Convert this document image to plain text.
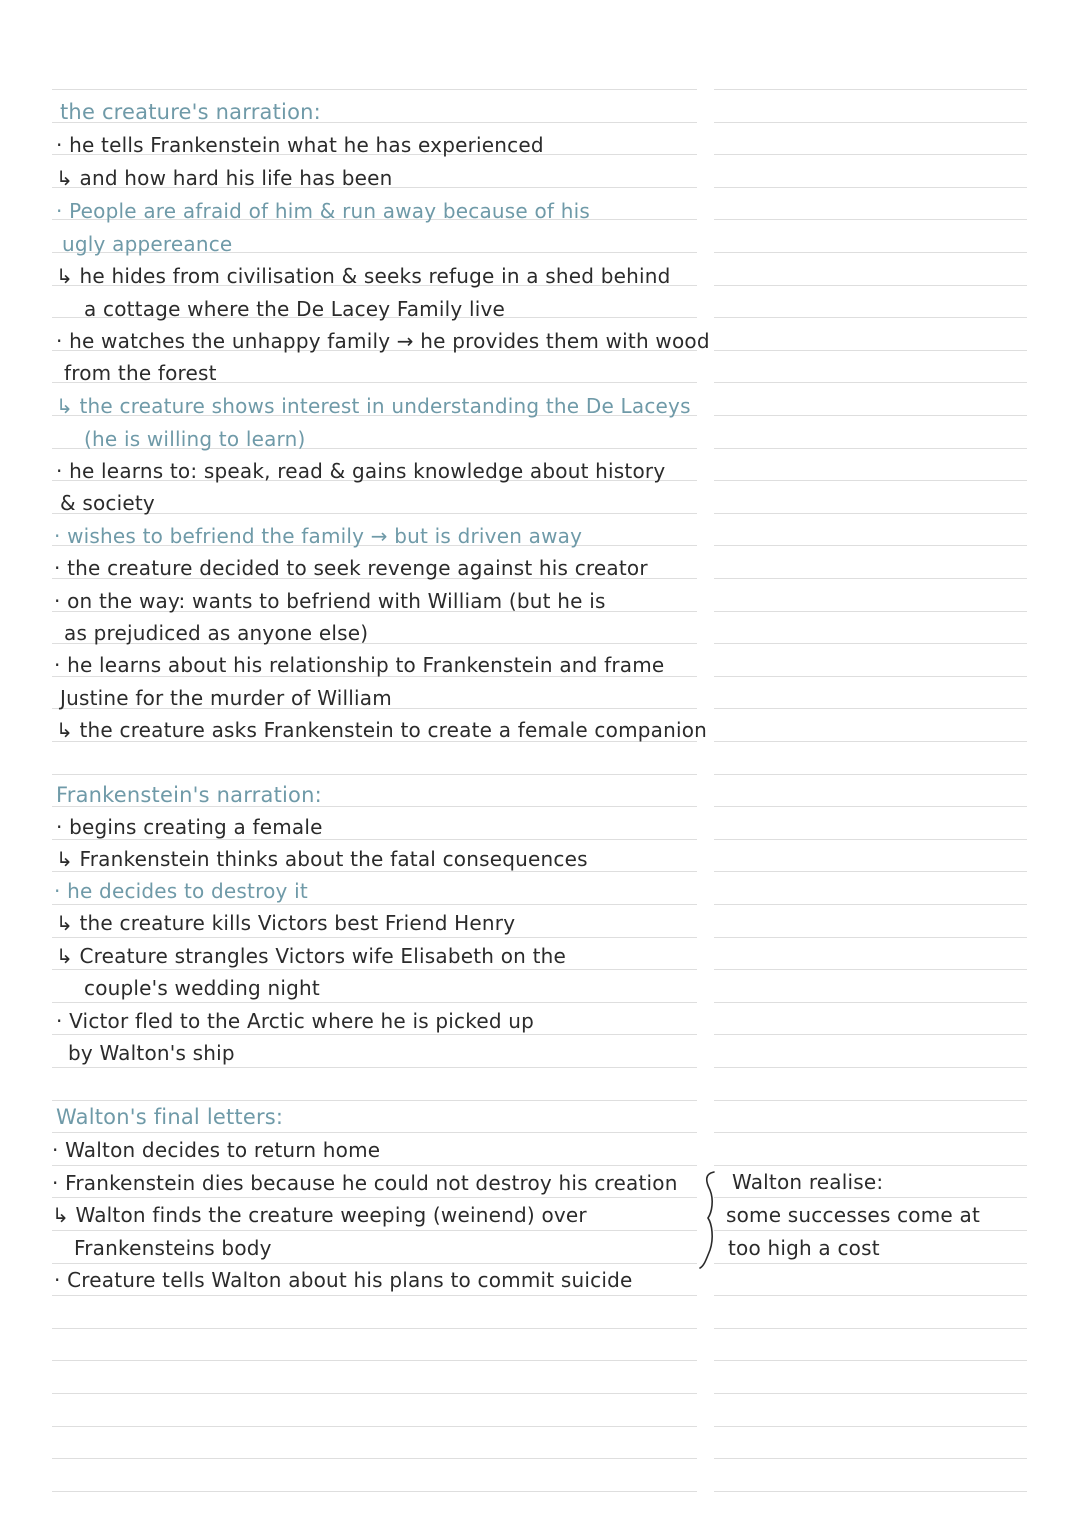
the creature's narration:
· he tells Frankenstein what he has experienced
↳ and how hard his life has been
· People are afraid of him & run away because of his
ugly appereance
↳ he hides from civilisation & seeks refuge in a shed behind
a cottage where the De Lacey Family live
· he watches the unhappy family → he provides them with wood
from the forest
↳ the creature shows interest in understanding the De Laceys
(he is willing to learn)
· he learns to: speak, read & gains knowledge about history
& society
· wishes to befriend the family → but is driven away
· the creature decided to seek revenge against his creator
· on the way: wants to befriend with William (but he is
as prejudiced as anyone else)
· he learns about his relationship to Frankenstein and frame
Justine for the murder of William
↳ the creature asks Frankenstein to create a female companion
Frankenstein's narration:
· begins creating a female
↳ Frankenstein thinks about the fatal consequences
· he decides to destroy it
↳ the creature kills Victors best Friend Henry
↳ Creature strangles Victors wife Elisabeth on the
couple's wedding night
· Victor fled to the Arctic where he is picked up
by Walton's ship
Walton's final letters:
· Walton decides to return home
· Frankenstein dies because he could not destroy his creation
↳ Walton finds the creature weeping (weinend) over
Frankensteins body
· Creature tells Walton about his plans to commit suicide
Walton realise:
some successes come at
too high a cost
